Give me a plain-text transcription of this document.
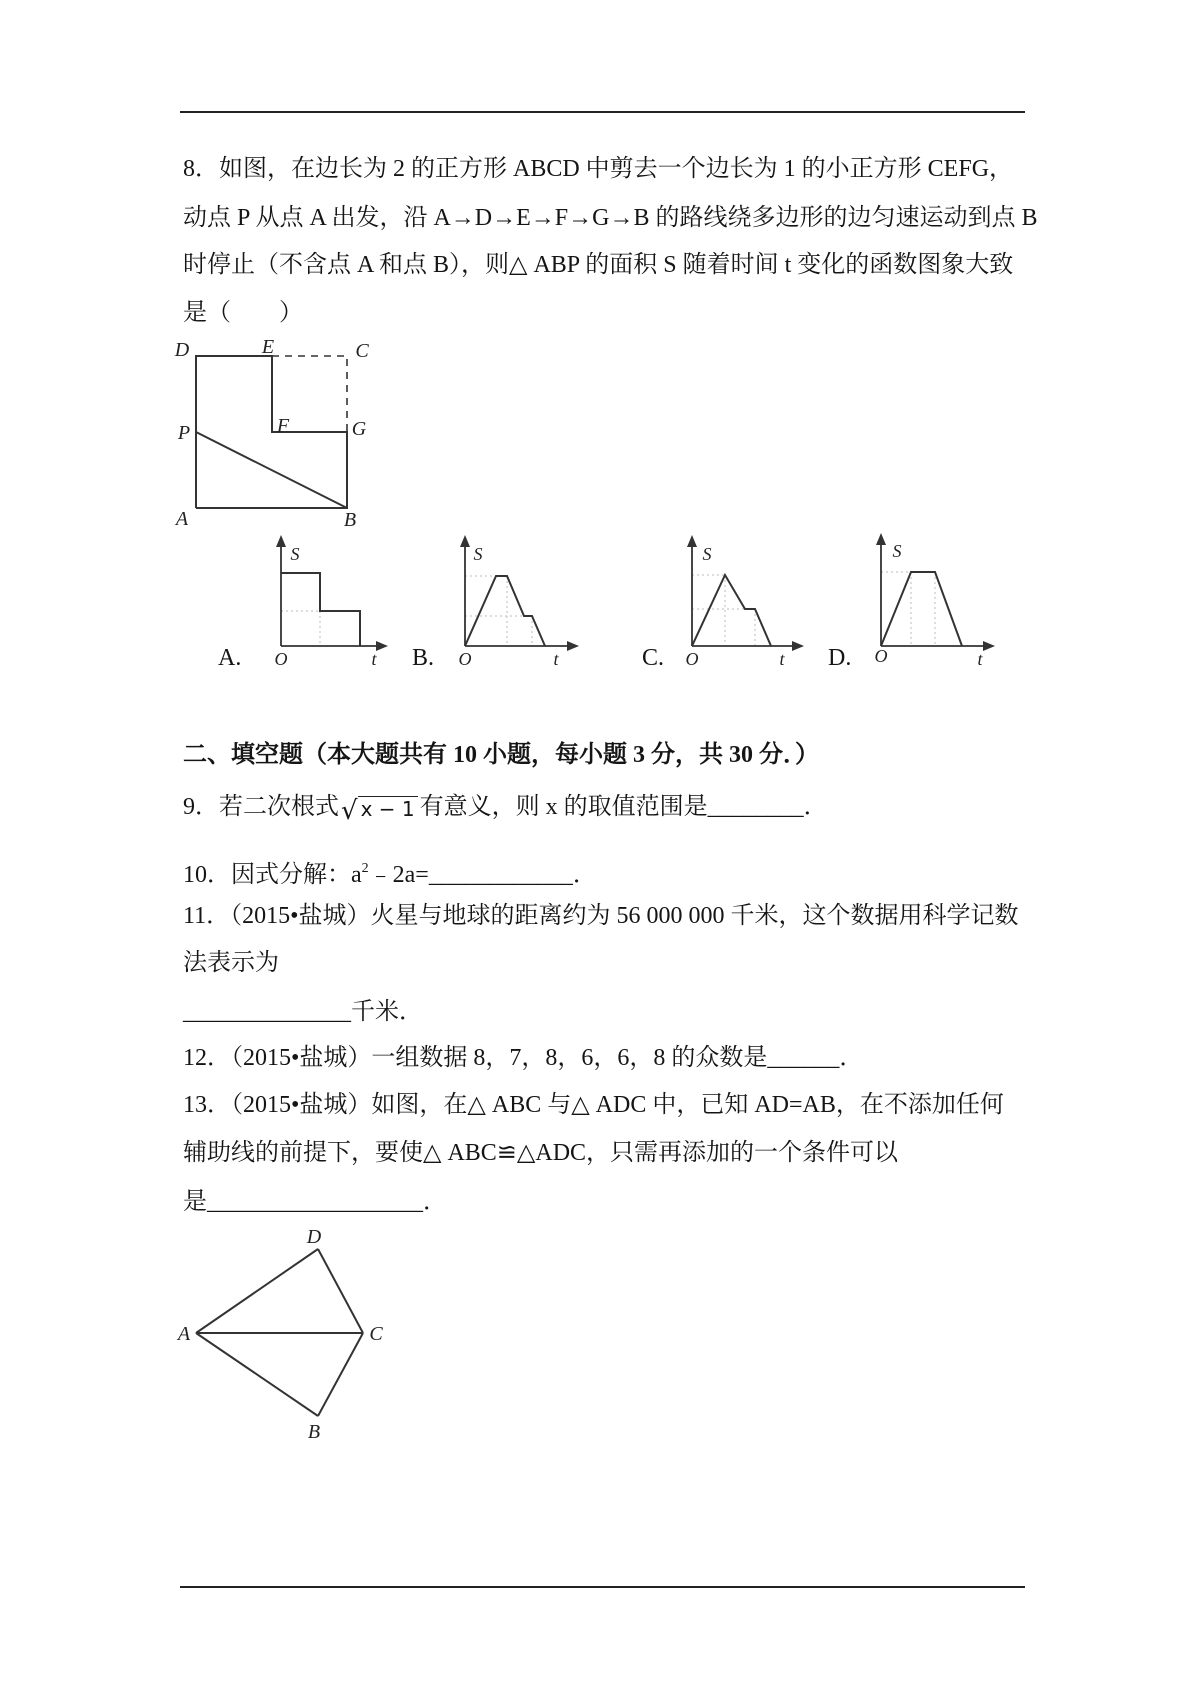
8．如图，在边长为 2 的正方形 ABCD 中剪去一个边长为 1 的小正方形 CEFG，
动点 P 从点 A 出发，沿 A→D→E→F→G→B 的路线绕多边形的边匀速运动到点 B
时停止（不含点 A 和点 B），则△ ABP 的面积 S 随着时间 t 变化的函数图象大致
是（　　）
D	E	C
P	F	G
A	B
A.
S
O	t B.
S
O	t	C.
S
O	t D.
S
O	t
二、填空题（本大题共有 10 小题，每小题 3 分，共 30 分．）
9．若二次根式√ x − 1 有意义，则 x 的取值范围是________．
10．因式分解：$a^2﹣2a=\_\_\_\_\_\_\_\_\_\_\_\_$．
11．（2015•盐城）火星与地球的距离约为 56 000 000 千米，这个数据用科学记数
法表示为
______________千米．
12．（2015•盐城）一组数据 8，7，8，6，6，8 的众数是______．
13．（2015•盐城）如图，在△ ABC 与△ ADC 中，已知 AD=AB，在不添加任何
辅助线的前提下，要使△ ABC≌△ADC，只需再添加的一个条件可以
是__________________．
D
A	C
B
